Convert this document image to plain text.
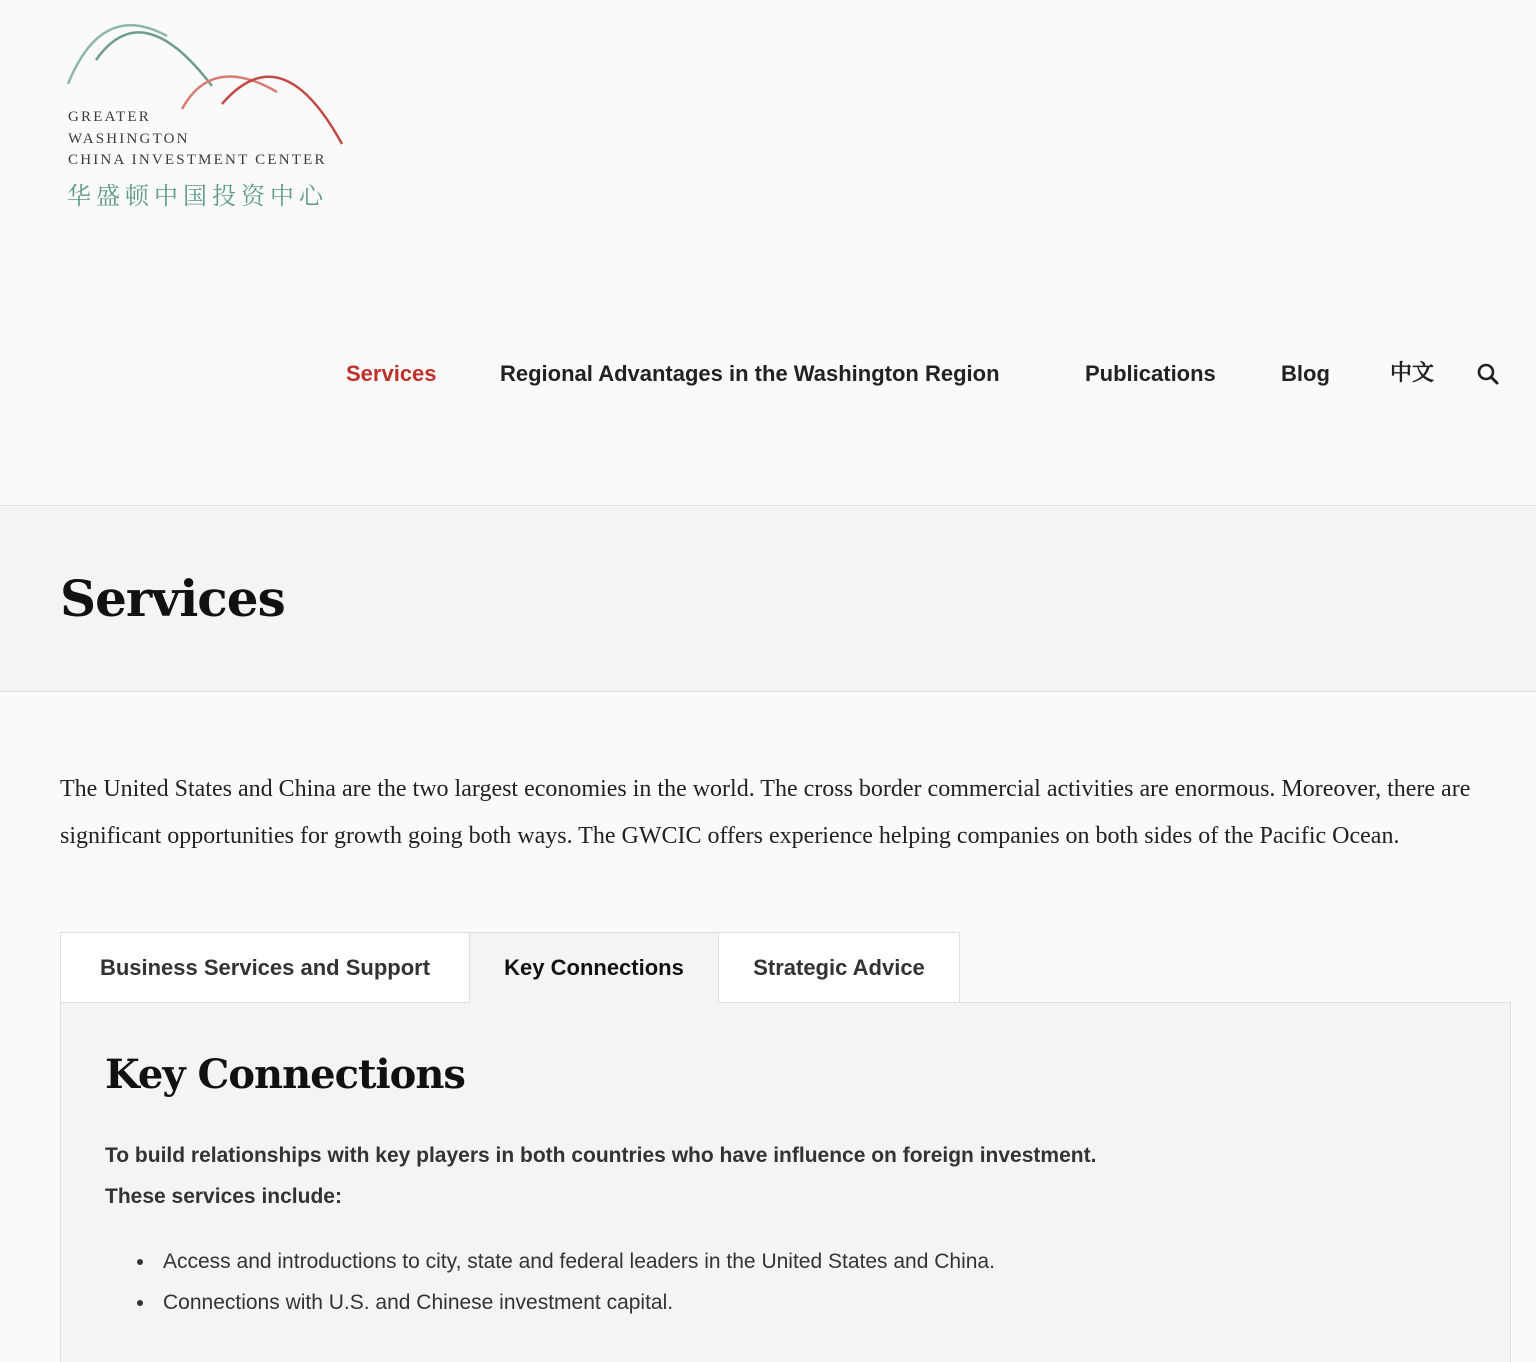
GREATER
WASHINGTON
CHINA INVESTMENT CENTER
华盛顿中国投资中心
Services	Regional Advantages in the Washington Region	Publications	Blog	中文
Services

The United States and China are the two largest economies in the world. The cross border commercial activities are enormous. Moreover, there are significant opportunities for growth going both ways. The GWCIC offers experience helping companies on both sides of the Pacific Ocean.

Business Services and Support	Key Connections	Strategic Advice
Key Connections
To build relationships with key players in both countries who have influence on foreign investment.
These services include:
Access and introductions to city, state and federal leaders in the United States and China.
Connections with U.S. and Chinese investment capital.
